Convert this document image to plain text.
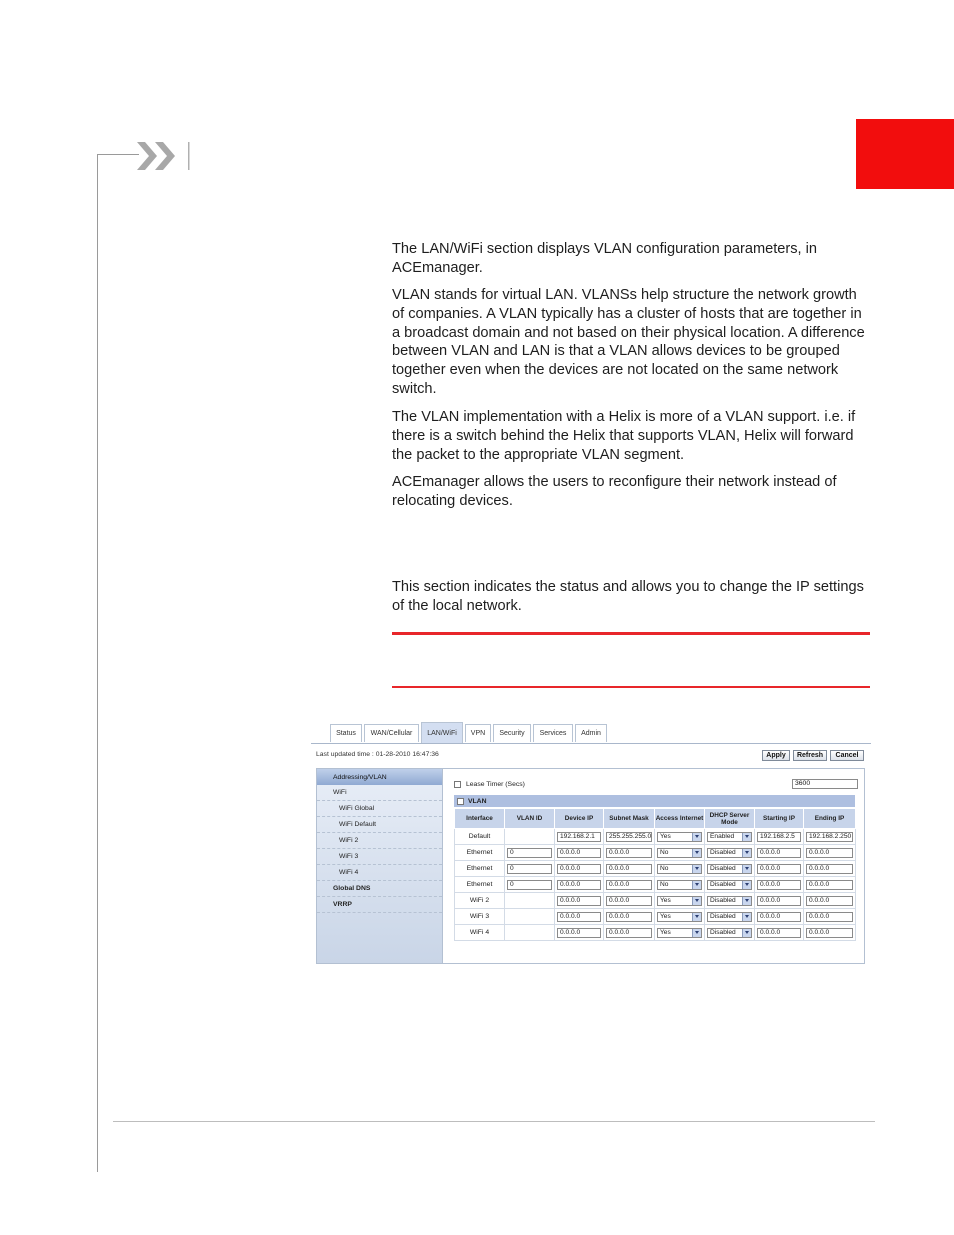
The LAN/WiFi section displays VLAN configuration parameters, in ACEmanager.

VLAN stands for virtual LAN. VLANSs help structure the network growth of companies. A VLAN typically has a cluster of hosts that are together in a broadcast domain and not based on their physical location. A difference between VLAN and LAN is that a VLAN allows devices to be grouped together even when the devices are not located on the same network switch.

The VLAN implementation with a Helix is more of a VLAN support. i.e. if there is a switch behind the Helix that supports VLAN, Helix will forward the packet to the appropriate VLAN segment.

ACEmanager allows the users to reconfigure their network instead of relocating devices.

This section indicates the status and allows you to change the IP settings of the local network.

Status	WAN/Cellular	LAN/WiFi	VPN	Security	Services	Admin
Last updated time : 01-28-2010 16:47:36	Apply	Refresh	Cancel
Addressing/VLAN
WiFi
WiFi Global
WiFi Default
WiFi 2
WiFi 3
WiFi 4
Global DNS
VRRP
Lease Timer (Secs)	3600
VLAN
Interface	VLAN ID	Device IP	Subnet Mask	Access Internet	DHCP Server Mode	Starting IP	Ending IP
Default		192.168.2.1	255.255.255.0	Yes	Enabled	192.168.2.5	192.168.2.250

Ethernet	0	0.0.0.0	0.0.0.0	No	Disabled	0.0.0.0	0.0.0.0

Ethernet	0	0.0.0.0	0.0.0.0	No	Disabled	0.0.0.0	0.0.0.0

Ethernet	0	0.0.0.0	0.0.0.0	No	Disabled	0.0.0.0	0.0.0.0

WiFi 2		0.0.0.0	0.0.0.0	Yes	Disabled	0.0.0.0	0.0.0.0

WiFi 3		0.0.0.0	0.0.0.0	Yes	Disabled	0.0.0.0	0.0.0.0

WiFi 4		0.0.0.0	0.0.0.0	Yes	Disabled	0.0.0.0	0.0.0.0
